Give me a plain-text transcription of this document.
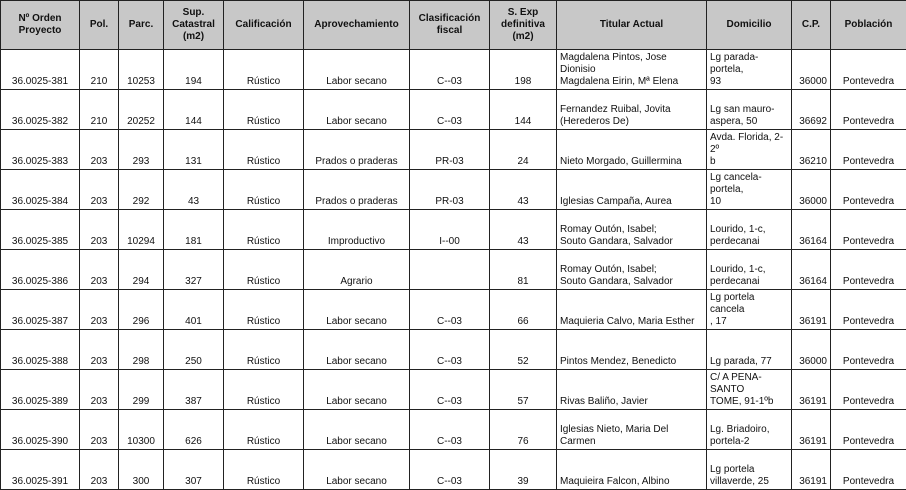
Nº Orden Proyecto	Pol.	Parc.	Sup. Catastral (m2)	Calificación	Aprovechamiento	Clasificación fiscal	S. Exp definitiva (m2)	Titular Actual	Domicilio	C.P.	Población
36.0025-381	210	10253	194	Rústico	Labor secano	C--03	198	Magdalena Pintos, Jose Dionisio
Magdalena Eirin, Mª Elena	Lg parada-portela,
93	36000	Pontevedra
36.0025-382	210	20252	144	Rústico	Labor secano	C--03	144	Fernandez Ruibal, Jovita
(Herederos De)	Lg san mauro-
aspera, 50	36692	Pontevedra
36.0025-383	203	293	131	Rústico	Prados o praderas	PR-03	24	Nieto Morgado, Guillermina	Avda. Florida, 2-2º
b	36210	Pontevedra
36.0025-384	203	292	43	Rústico	Prados o praderas	PR-03	43	Iglesias Campaña, Aurea	Lg cancela-portela,
10	36000	Pontevedra
36.0025-385	203	10294	181	Rústico	Improductivo	I--00	43	Romay Outón, Isabel;
Souto Gandara, Salvador	Lourido, 1-c,
perdecanai	36164	Pontevedra
36.0025-386	203	294	327	Rústico	Agrario		81	Romay Outón, Isabel;
Souto Gandara, Salvador	Lourido, 1-c,
perdecanai	36164	Pontevedra
36.0025-387	203	296	401	Rústico	Labor secano	C--03	66	Maquieria Calvo, Maria Esther	Lg portela cancela
, 17	36191	Pontevedra
36.0025-388	203	298	250	Rústico	Labor secano	C--03	52	Pintos Mendez, Benedicto	Lg parada, 77	36000	Pontevedra
36.0025-389	203	299	387	Rústico	Labor secano	C--03	57	Rivas Baliño, Javier	C/ A PENA-SANTO
TOME, 91-1ºb	36191	Pontevedra
36.0025-390	203	10300	626	Rústico	Labor secano	C--03	76	Iglesias Nieto, Maria Del Carmen	Lg. Briadoiro,
portela-2	36191	Pontevedra
36.0025-391	203	300	307	Rústico	Labor secano	C--03	39	Maquieira Falcon, Albino	Lg portela
villaverde, 25	36191	Pontevedra
